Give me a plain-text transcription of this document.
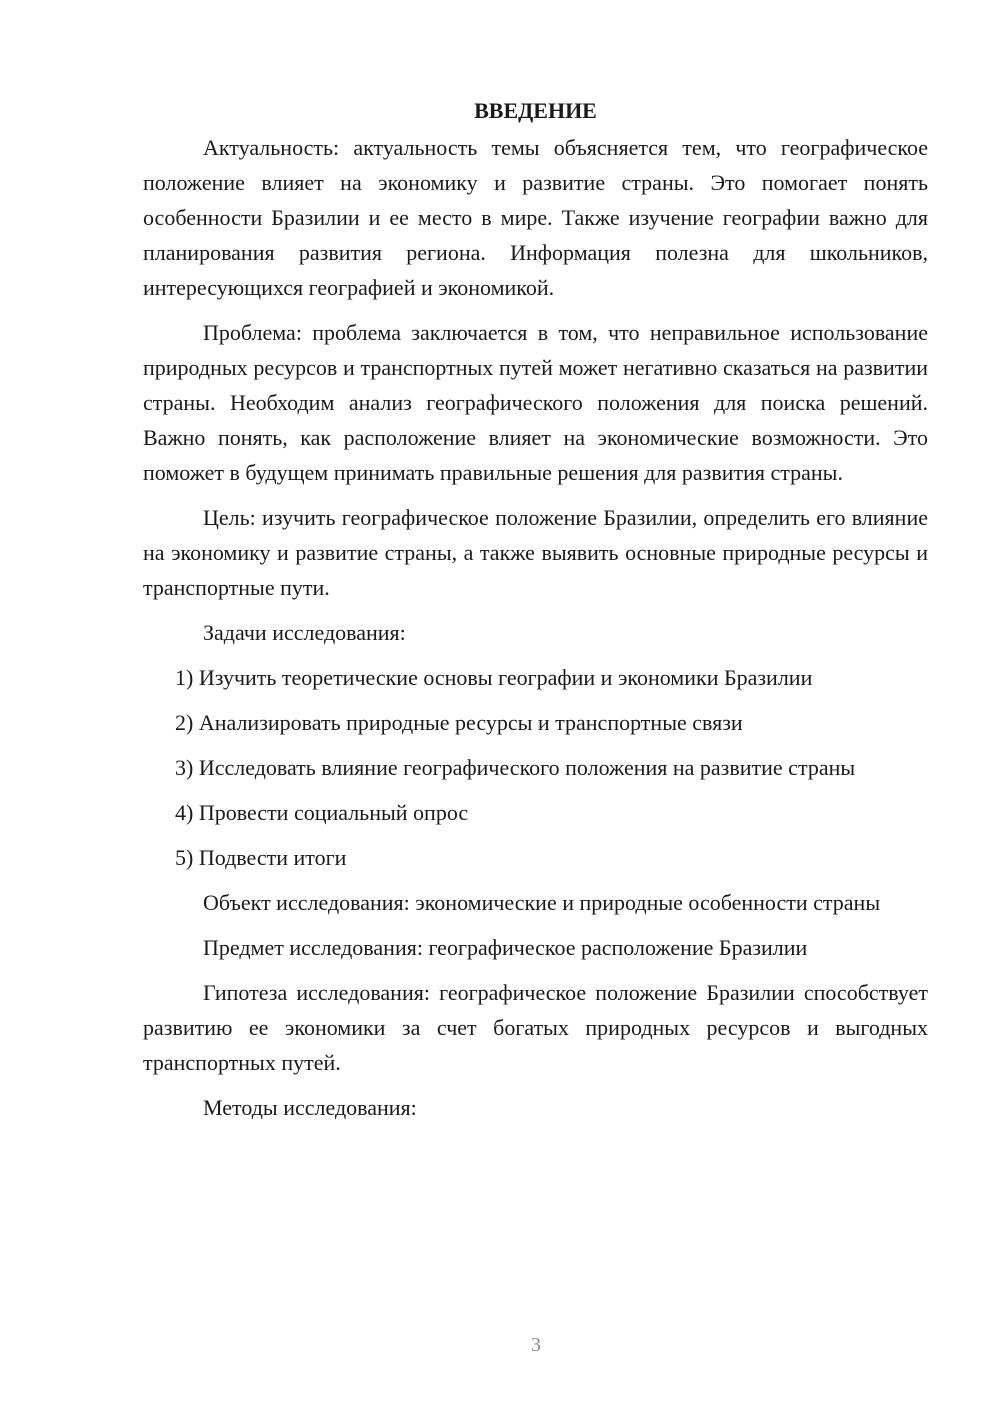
ВВЕДЕНИЕ

Актуальность: актуальность темы объясняется тем, что географическое положение влияет на экономику и развитие страны. Это помогает понять особенности Бразилии и ее место в мире. Также изучение географии важно для планирования развития региона. Информация полезна для школьников, интересующихся географией и экономикой.

Проблема: проблема заключается в том, что неправильное использование природных ресурсов и транспортных путей может негативно сказаться на развитии страны. Необходим анализ географического положения для поиска решений. Важно понять, как расположение влияет на экономические возможности. Это поможет в будущем принимать правильные решения для развития страны.

Цель: изучить географическое положение Бразилии, определить его влияние на экономику и развитие страны, а также выявить основные природные ресурсы и транспортные пути.

Задачи исследования:

1) Изучить теоретические основы географии и экономики Бразилии

2) Анализировать природные ресурсы и транспортные связи

3) Исследовать влияние географического положения на развитие страны

4) Провести социальный опрос

5) Подвести итоги

Объект исследования: экономические и природные особенности страны

Предмет исследования: географическое расположение Бразилии

Гипотеза исследования: географическое положение Бразилии способствует развитию ее экономики за счет богатых природных ресурсов и выгодных транспортных путей.

Методы исследования:

3
